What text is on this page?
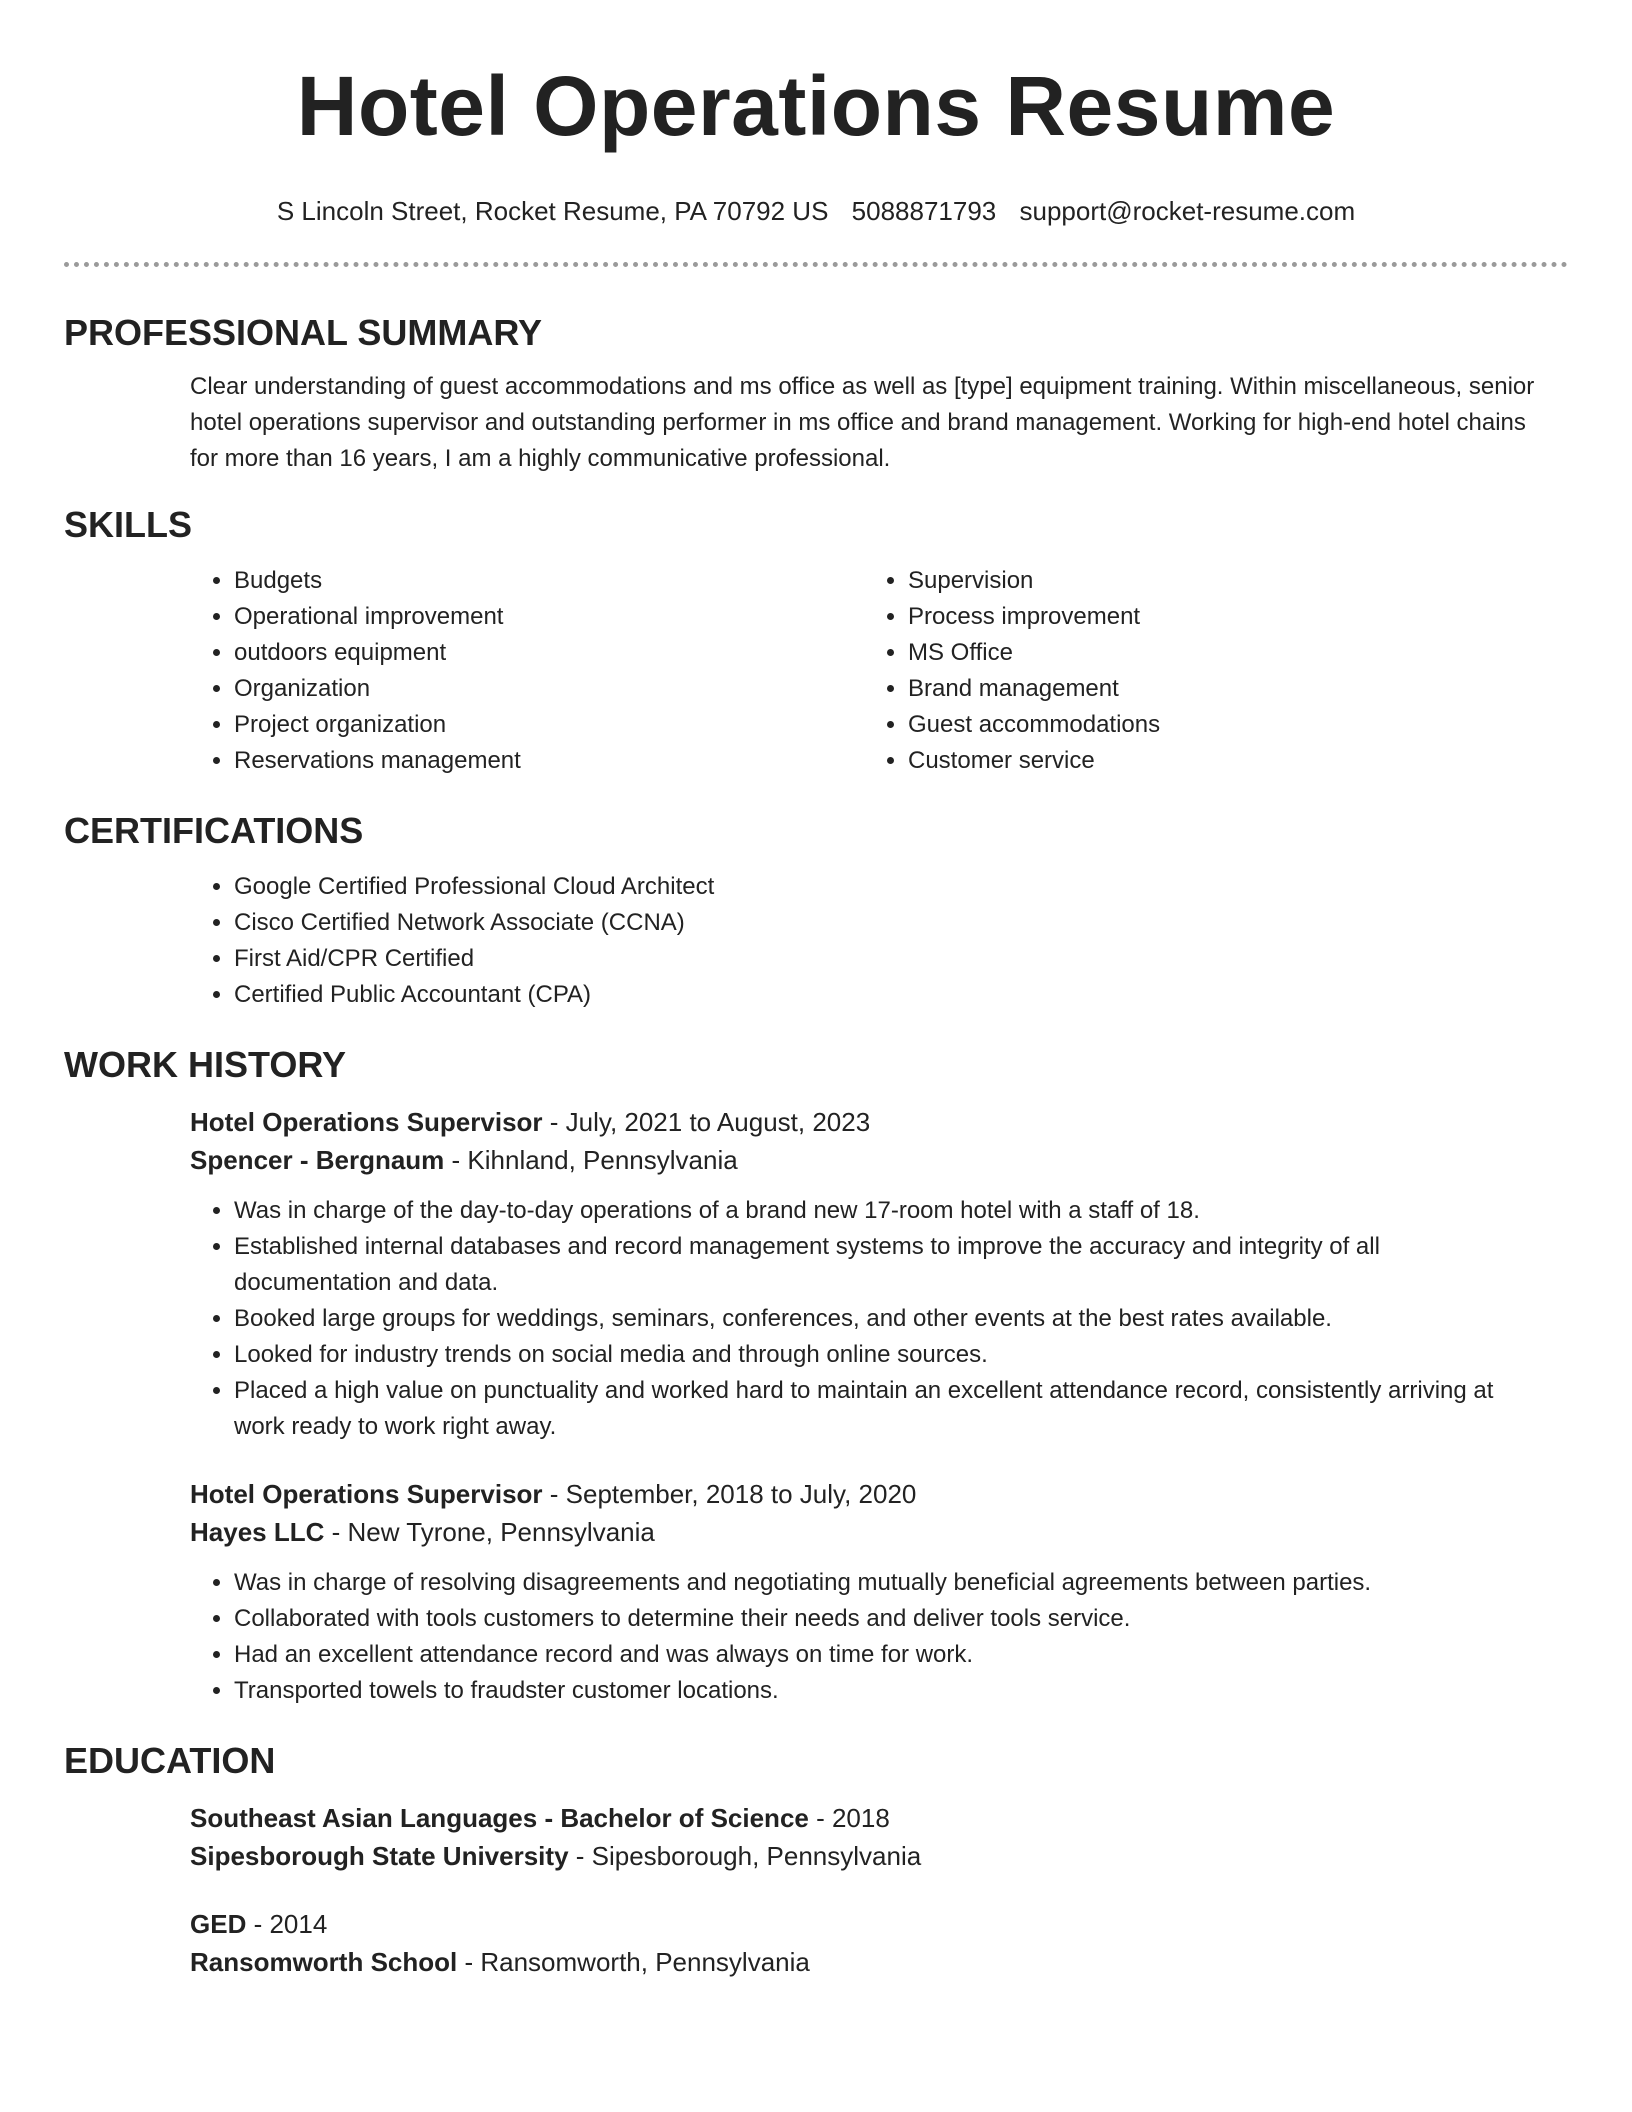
Hotel Operations Resume
S Lincoln Street, Rocket Resume, PA 70792 US 5088871793 support@rocket-resume.com
PROFESSIONAL SUMMARY

Clear understanding of guest accommodations and ms office as well as [type] equipment training. Within miscellaneous, senior hotel operations supervisor and outstanding performer in ms office and brand management. Working for high-end hotel chains for more than 16 years, I am a highly communicative professional.

SKILLS
• Budgets
• Operational improvement
• outdoors equipment
• Organization
• Project organization
• Reservations management
• Supervision
• Process improvement
• MS Office
• Brand management
• Guest accommodations
• Customer service
CERTIFICATIONS
• Google Certified Professional Cloud Architect
• Cisco Certified Network Associate (CCNA)
• First Aid/CPR Certified
• Certified Public Accountant (CPA)
WORK HISTORY
Hotel Operations Supervisor - July, 2021 to August, 2023
Spencer - Bergnaum - Kihnland, Pennsylvania
• Was in charge of the day-to-day operations of a brand new 17-room hotel with a staff of 18.
• Established internal databases and record management systems to improve the accuracy and integrity of all documentation and data.
• Booked large groups for weddings, seminars, conferences, and other events at the best rates available.
• Looked for industry trends on social media and through online sources.
• Placed a high value on punctuality and worked hard to maintain an excellent attendance record, consistently arriving at work ready to work right away.
Hotel Operations Supervisor - September, 2018 to July, 2020
Hayes LLC - New Tyrone, Pennsylvania
• Was in charge of resolving disagreements and negotiating mutually beneficial agreements between parties.
• Collaborated with tools customers to determine their needs and deliver tools service.
• Had an excellent attendance record and was always on time for work.
• Transported towels to fraudster customer locations.
EDUCATION
Southeast Asian Languages - Bachelor of Science - 2018
Sipesborough State University - Sipesborough, Pennsylvania
GED - 2014
Ransomworth School - Ransomworth, Pennsylvania
